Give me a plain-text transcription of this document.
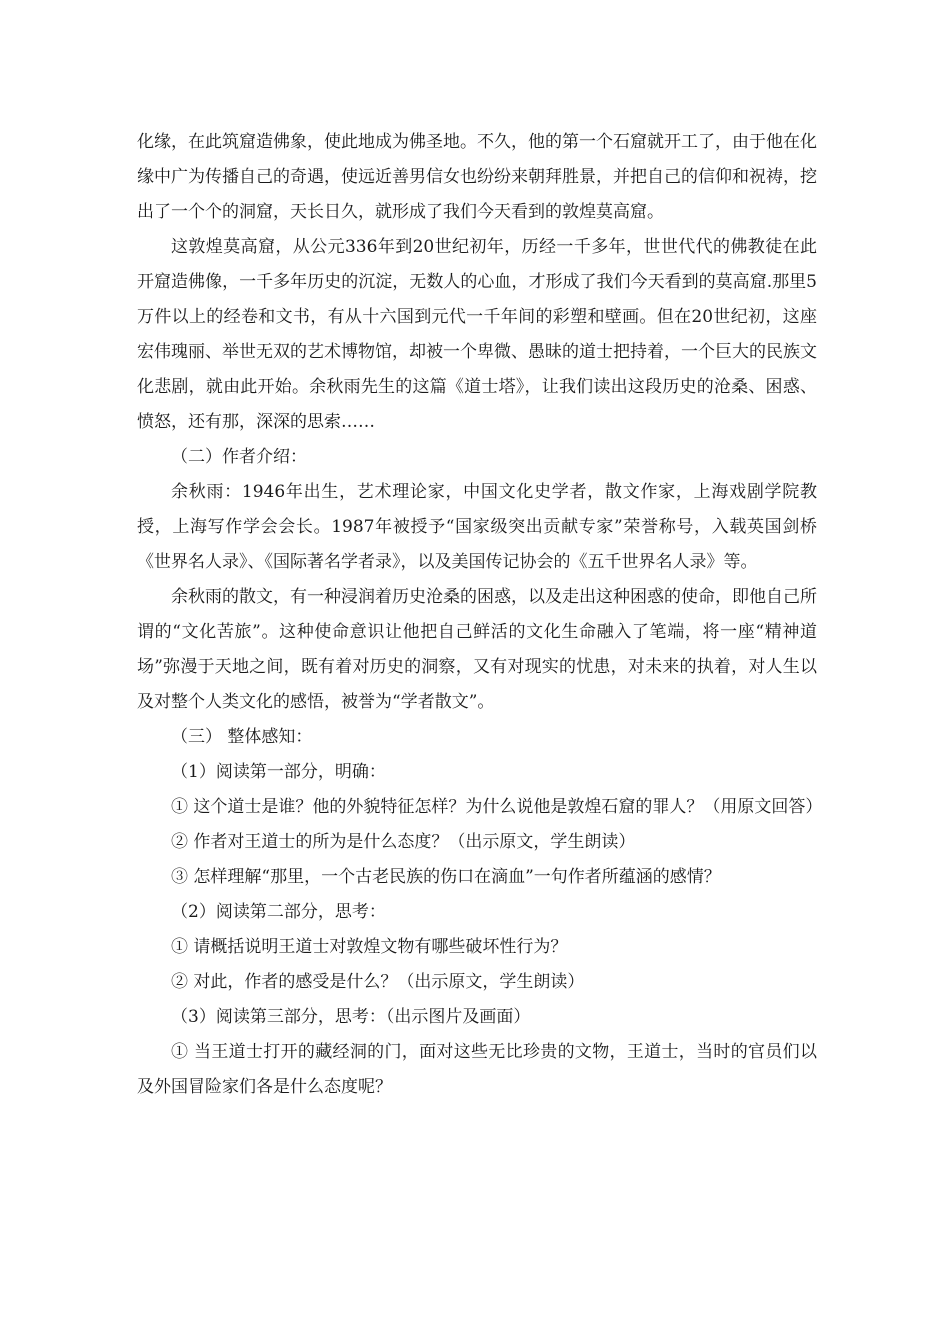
化缘，在此筑窟造佛象，使此地成为佛圣地。不久，他的第一个石窟就开工了，由于他在化缘中广为传播自己的奇遇，使远近善男信女也纷纷来朝拜胜景，并把自己的信仰和祝祷，挖出了一个个的洞窟，天长日久，就形成了我们今天看到的敦煌莫高窟。

这敦煌莫高窟，从公元336年到20世纪初年，历经一千多年，世世代代的佛教徒在此开窟造佛像，一千多年历史的沉淀，无数人的心血，才形成了我们今天看到的莫高窟.那里5万件以上的经卷和文书，有从十六国到元代一千年间的彩塑和壁画。但在20世纪初，这座宏伟瑰丽、举世无双的艺术博物馆，却被一个卑微、愚昧的道士把持着，一个巨大的民族文化悲剧，就由此开始。余秋雨先生的这篇《道士塔》，让我们读出这段历史的沧桑、困惑、愤怒，还有那，深深的思索……

（二）作者介绍：

余秋雨：1946年出生，艺术理论家，中国文化史学者，散文作家，上海戏剧学院教授，上海写作学会会长。1987年被授予“国家级突出贡献专家”荣誉称号，入载英国剑桥《世界名人录》、《国际著名学者录》，以及美国传记协会的《五千世界名人录》等。

余秋雨的散文，有一种浸润着历史沧桑的困惑，以及走出这种困惑的使命，即他自己所谓的“文化苦旅”。这种使命意识让他把自己鲜活的文化生命融入了笔端，将一座“精神道场”弥漫于天地之间，既有着对历史的洞察，又有对现实的忧患，对未来的执着，对人生以及对整个人类文化的感悟，被誉为“学者散文”。

（三） 整体感知：

（1）阅读第一部分，明确：

① 这个道士是谁？他的外貌特征怎样？为什么说他是敦煌石窟的罪人？（用原文回答）

② 作者对王道士的所为是什么态度？（出示原文，学生朗读）

③ 怎样理解“那里，一个古老民族的伤口在滴血”一句作者所蕴涵的感情？

（2）阅读第二部分，思考：

① 请概括说明王道士对敦煌文物有哪些破坏性行为？

② 对此，作者的感受是什么？（出示原文，学生朗读）

（3）阅读第三部分，思考：（出示图片及画面）

① 当王道士打开的藏经洞的门，面对这些无比珍贵的文物，王道士，当时的官员们以及外国冒险家们各是什么态度呢？
